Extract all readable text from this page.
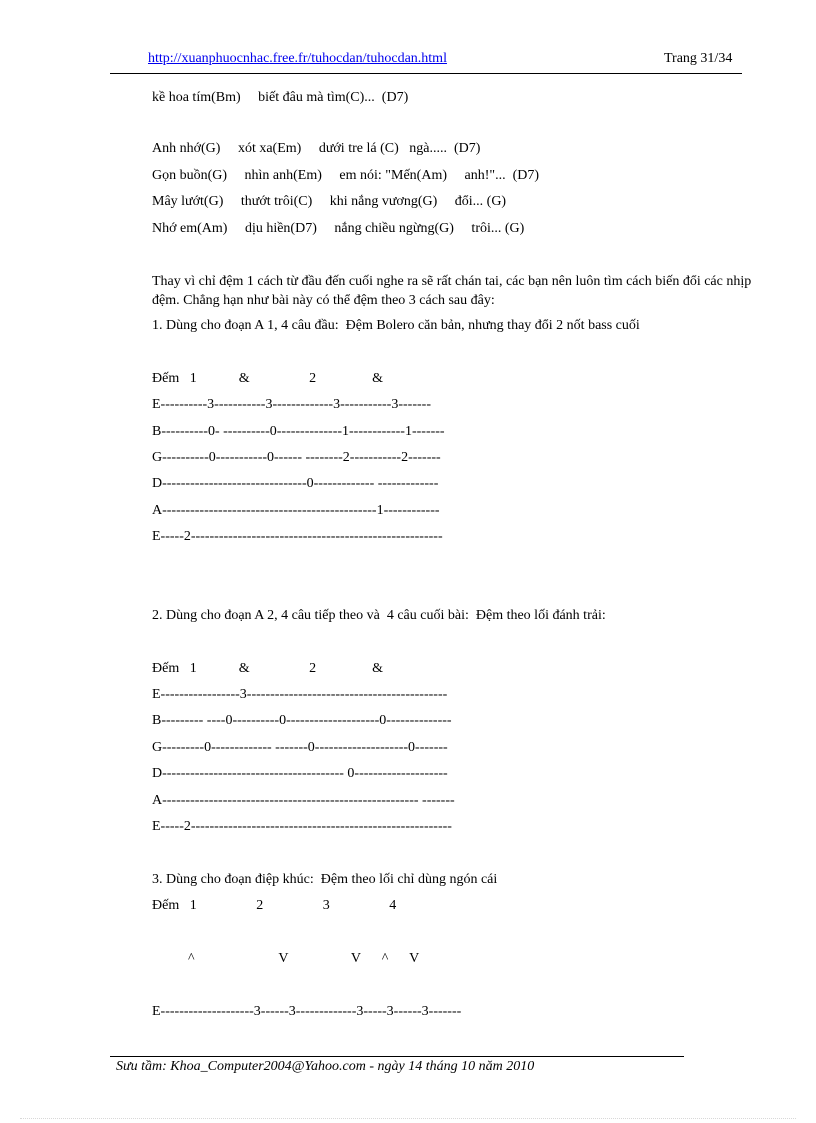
http://xuanphuocnhac.free.fr/tuhocdan/tuhocdan.html	Trang 31/34
kề hoa tím(Bm)     biết đâu mà tìm(C)...  (D7)
Anh nhớ(G)     xót xa(Em)     dưới tre lá (C)   ngà.....  (D7)
Gọn buồn(G)     nhìn anh(Em)     em nói: "Mến(Am)     anh!"...  (D7)
Mây lướt(G)     thướt trôi(C)     khi nắng vương(G)     đổi... (G)
Nhớ em(Am)     dịu hiền(D7)     nắng chiều ngừng(G)     trôi... (G)
Thay vì chỉ đệm 1 cách từ đầu đến cuối nghe ra sẽ rất chán tai, các bạn nên luôn tìm cách biến đổi các nhịp đệm. Chẳng hạn như bài này có thể đệm theo 3 cách sau đây:
1. Dùng cho đoạn A 1, 4 câu đầu:  Đệm Bolero căn bản, nhưng thay đổi 2 nốt bass cuối
Đếm   1            &                 2                &
E----------3-----------3-------------3-----------3-------
B----------0- ----------0--------------1------------1-------
G----------0-----------0------ --------2-----------2-------
D-------------------------------0------------- -------------
A----------------------------------------------1------------
E-----2------------------------------------------------------
2. Dùng cho đoạn A 2, 4 câu tiếp theo và  4 câu cuối bài:  Đệm theo lối đánh trải:
Đếm   1            &                 2                &
E-----------------3-------------------------------------------
B--------- ----0----------0--------------------0--------------
G---------0------------- -------0--------------------0-------
D--------------------------------------- 0--------------------
A------------------------------------------------------- -------
E-----2--------------------------------------------------------
3. Dùng cho đoạn điệp khúc:  Đệm theo lối chỉ dùng ngón cái
Đếm   1                 2                 3                 4
^                        V                  V      ^      V
E--------------------3------3-------------3-----3------3-------
Sưu tầm: Khoa_Computer2004@Yahoo.com - ngày 14 tháng 10 năm 2010
